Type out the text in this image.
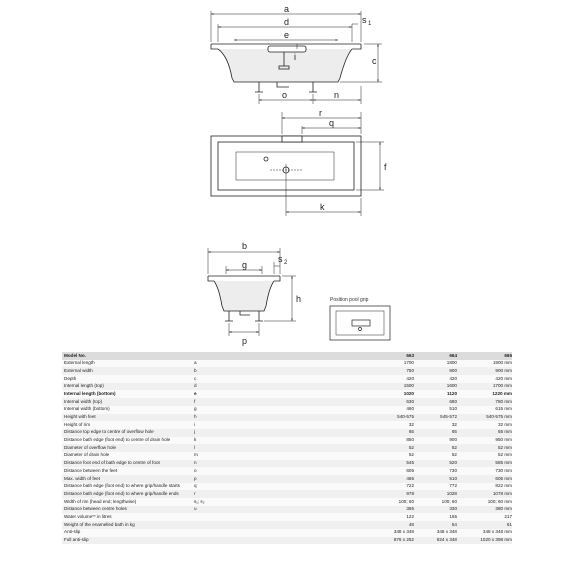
a
d	s 1
e
i	c
o	n
r
q
f
k
b
g
s 2
h
p
Position pool grip
Model No.		663	664	665
External length	a	1700	1800	1900 mm
External width	b	750	800	900 mm
Depth	c	420	420	420 mm
Internal length (top)	d	1500	1600	1700 mm
Internal length (bottom)	e	1020	1120	1220 mm
Internal width (top)	f	630	680	780 mm
Internal width (bottom)	g	460	510	615 mm
Height with feet	h	540-575	545-572	540-575 mm
Height of rim	i	32	32	32 mm
Distance top edge to centre of overflow hole	j	65	65	65 mm
Distance bath edge (foot end) to centre of drain hole	k	850	900	950 mm
Diameter of overflow hole	l	52	52	52 mm
Diameter of drain hole	m	52	52	52 mm
Distance foot end of bath edge to centre of foot	n	545	520	585 mm
Distance between the feet	o	605	730	730 mm
Max. width of feet	p	465	510	605 mm
Distance bath edge (foot end) to where grip/handle starts	q	722	772	822 mm
Distance bath edge (foot end) to where grip/handle ends	r	978	1028	1078 mm
Width of rim (head end; lengthwise)	s₁; s₂	100; 60	100; 60	100; 60 mm
Distance between centre holes	u	365	330	380 mm
Water volume** in litres		122	165	217
Weight of the enamelled bath in kg		48	54	61
Anti-slip		348 x 348	348 x 348	348 x 348 mm
Full anti-slip		876 x 252	824 x 348	1020 x 398 mm
